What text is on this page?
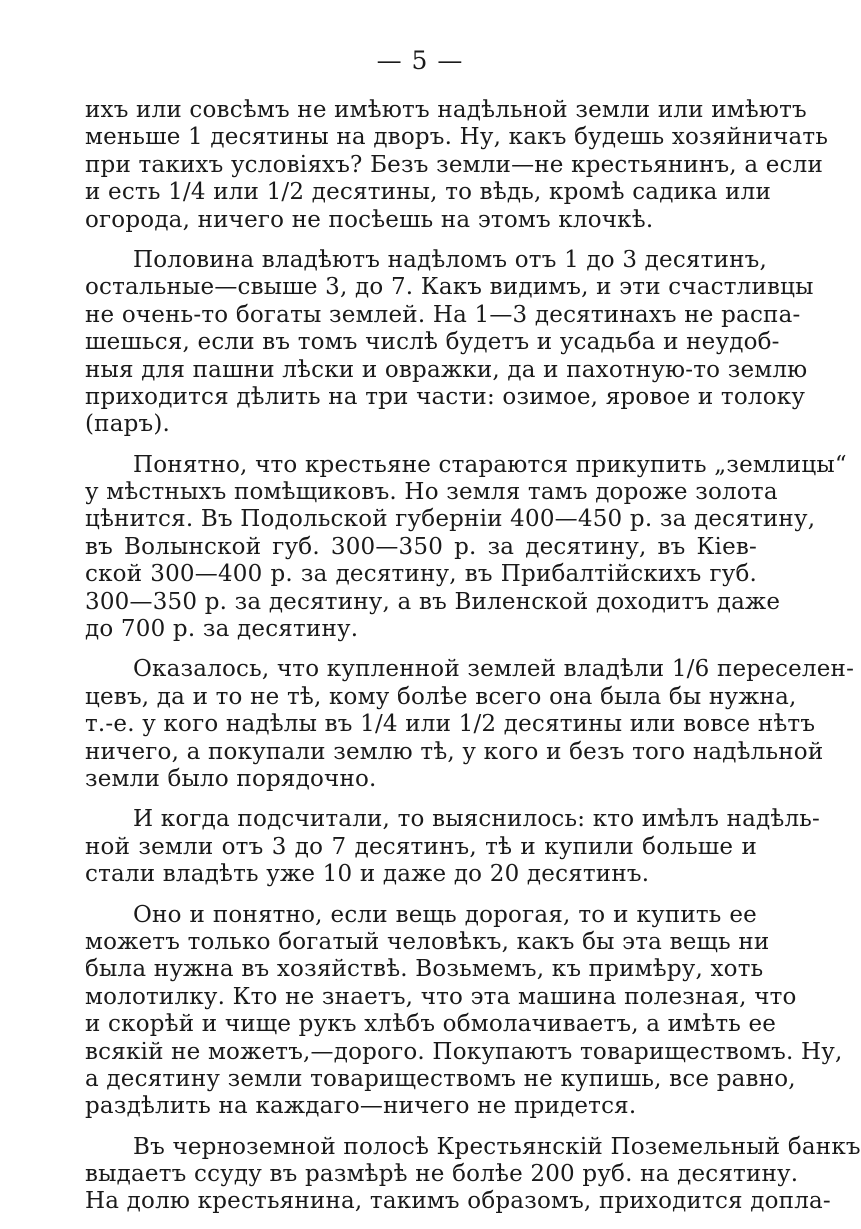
— 5 —
ихъ или совсѣмъ не имѣютъ надѣльной земли или имѣютъ
меньше 1 десятины на дворъ. Ну, какъ будешь хозяйничать
при такихъ условіяхъ? Безъ земли—не крестьянинъ, а если
и есть 1/4 или 1/2 десятины, то вѣдь, кромѣ садика или
огорода, ничего не посѣешь на этомъ клочкѣ.
Половина владѣютъ надѣломъ отъ 1 до 3 десятинъ,
остальные—свыше 3, до 7. Какъ видимъ, и эти счастливцы
не очень-то богаты землей. На 1—3 десятинахъ не распа-
шешься, если въ томъ числѣ будетъ и усадьба и неудоб-
ныя для пашни лѣски и овражки, да и пахотную-то землю
приходится дѣлить на три части: озимое, яровое и толоку
(паръ).
Понятно, что крестьяне стараются прикупить „землицы“
у мѣстныхъ помѣщиковъ. Но земля тамъ дороже золота
цѣнится. Въ Подольской губерніи 400—450 р. за десятину,
въ Волынской губ. 300—350 р. за десятину, въ Кіев-
ской 300—400 р. за десятину, въ Прибалтійскихъ губ.
300—350 р. за десятину, а въ Виленской доходитъ даже
до 700 р. за десятину.
Оказалось, что купленной землей владѣли 1/6 переселен-
цевъ, да и то не тѣ, кому болѣе всего она была бы нужна,
т.-е. у кого надѣлы въ 1/4 или 1/2 десятины или вовсе нѣтъ
ничего, а покупали землю тѣ, у кого и безъ того надѣльной
земли было порядочно.
И когда подсчитали, то выяснилось: кто имѣлъ надѣль-
ной земли отъ 3 до 7 десятинъ, тѣ и купили больше и
стали владѣть уже 10 и даже до 20 десятинъ.
Оно и понятно, если вещь дорогая, то и купить ее
можетъ только богатый человѣкъ, какъ бы эта вещь ни
была нужна въ хозяйствѣ. Возьмемъ, къ примѣру, хоть
молотилку. Кто не знаетъ, что эта машина полезная, что
и скорѣй и чище рукъ хлѣбъ обмолачиваетъ, а имѣть ее
всякій не можетъ,—дорого. Покупаютъ товариществомъ. Ну,
а десятину земли товариществомъ не купишь, все равно,
раздѣлить на каждаго—ничего не придется.
Въ черноземной полосѣ Крестьянскій Поземельный банкъ
выдаетъ ссуду въ размѣрѣ не болѣе 200 руб. на десятину.
На долю крестьянина, такимъ образомъ, приходится допла-
